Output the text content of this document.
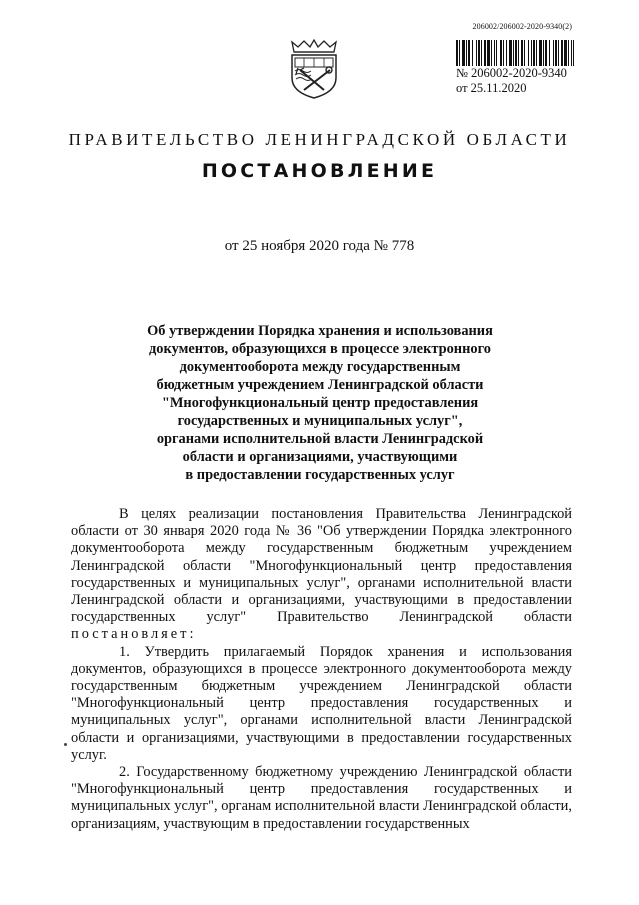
206002/206002-2020-9340(2)
№ 206002-2020-9340
от 25.11.2020
ПРАВИТЕЛЬСТВО ЛЕНИНГРАДСКОЙ ОБЛАСТИ
ПОСТАНОВЛЕНИЕ
от 25 ноября 2020 года № 778
Об утверждении Порядка хранения и использования
документов, образующихся в процессе электронного
документооборота между государственным
бюджетным учреждением Ленинградской области
"Многофункциональный центр предоставления
государственных и муниципальных услуг",
органами исполнительной власти Ленинградской
области и организациями, участвующими
в предоставлении государственных услуг

В целях реализации постановления Правительства Ленинградской области от 30 января 2020 года № 36 "Об утверждении Порядка электронного документооборота между государственным бюджетным учреждением Ленинградской области "Многофункциональный центр предоставления государственных и муниципальных услуг", органами исполнительной власти Ленинградской области и организациями, участвующими в предоставлении государственных услуг" Правительство Ленинградской области постановляет:

1. Утвердить прилагаемый Порядок хранения и использования документов, образующихся в процессе электронного документооборота между государственным бюджетным учреждением Ленинградской области "Многофункциональный центр предоставления государственных и муниципальных услуг", органами исполнительной власти Ленинградской области и организациями, участвующими в предоставлении государственных услуг.

2. Государственному бюджетному учреждению Ленинградской области "Многофункциональный центр предоставления государственных и муниципальных услуг", органам исполнительной власти Ленинградской области, организациям, участвующим в предоставлении государственных
